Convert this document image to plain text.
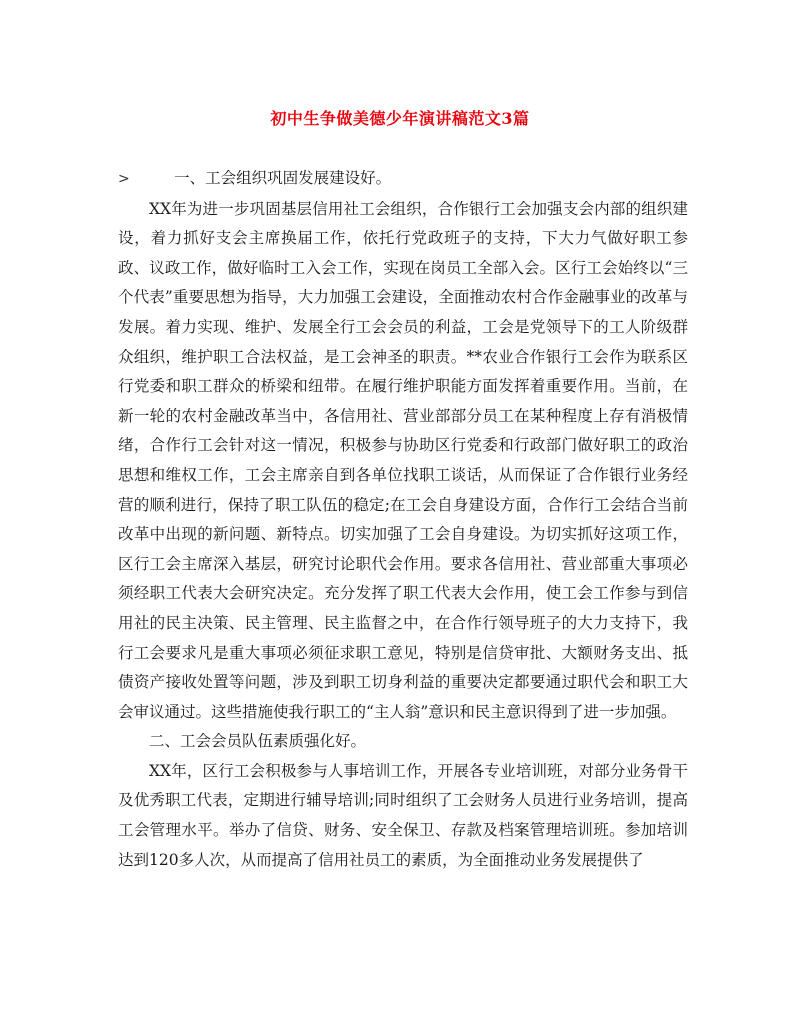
初中生争做美德少年演讲稿范文3篇

>	一、工会组织巩固发展建设好。

XX年为进一步巩固基层信用社工会组织，合作银行工会加强支会内部的组织建设，着力抓好支会主席换届工作，依托行党政班子的支持，下大力气做好职工参政、议政工作，做好临时工入会工作，实现在岗员工全部入会。区行工会始终以“三个代表”重要思想为指导，大力加强工会建设，全面推动农村合作金融事业的改革与发展。着力实现、维护、发展全行工会会员的利益，工会是党领导下的工人阶级群众组织，维护职工合法权益，是工会神圣的职责。**农业合作银行工会作为联系区行党委和职工群众的桥梁和纽带。在履行维护职能方面发挥着重要作用。当前，在新一轮的农村金融改革当中，各信用社、营业部部分员工在某种程度上存有消极情绪，合作行工会针对这一情况，积极参与协助区行党委和行政部门做好职工的政治思想和维权工作，工会主席亲自到各单位找职工谈话，从而保证了合作银行业务经营的顺利进行，保持了职工队伍的稳定;在工会自身建设方面，合作行工会结合当前改革中出现的新问题、新特点。切实加强了工会自身建设。为切实抓好这项工作，区行工会主席深入基层，研究讨论职代会作用。要求各信用社、营业部重大事项必须经职工代表大会研究决定。充分发挥了职工代表大会作用，使工会工作参与到信用社的民主决策、民主管理、民主监督之中，在合作行领导班子的大力支持下，我行工会要求凡是重大事项必须征求职工意见，特别是信贷审批、大额财务支出、抵债资产接收处置等问题，涉及到职工切身利益的重要决定都要通过职代会和职工大会审议通过。这些措施使我行职工的“主人翁”意识和民主意识得到了进一步加强。

二、工会会员队伍素质强化好。

XX年，区行工会积极参与人事培训工作，开展各专业培训班，对部分业务骨干及优秀职工代表，定期进行辅导培训;同时组织了工会财务人员进行业务培训，提高工会管理水平。举办了信贷、财务、安全保卫、存款及档案管理培训班。参加培训达到120多人次，从而提高了信用社员工的素质，为全面推动业务发展提供了
